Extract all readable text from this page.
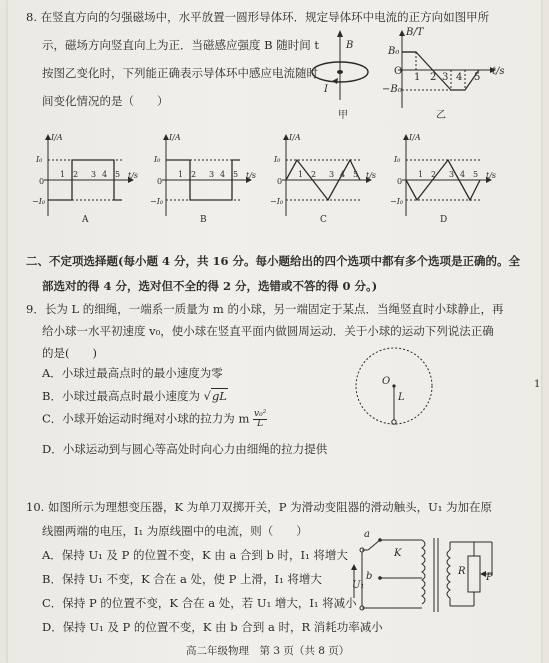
8. 在竖直方向的匀强磁场中，水平放置一圆形导体环．规定导体环中电流的正方向如图甲所
示，磁场方向竖直向上为正．当磁感应强度 B 随时间 t
按图乙变化时，下列能正确表示导体环中感应电流随时
间变化情况的是（　　）
B
I
甲
B/T
B₀
−B₀
O
1 2 3 4 5
t/s
乙
I/A
I₀
−I₀
0
t/s
1 2 3 4 5
A
I/A
I₀
−I₀
0
t/s
1 2 3 4 5
B
I/A
I₀
−I₀
0
t/s
1 2 3 4 5
C
I/A
I₀
−I₀
0
t/s
1 2 3 4 5
D
二、不定项选择题(每小题 4 分，共 16 分。每小题给出的四个选项中都有多个选项是正确的。全
部选对的得 4 分，选对但不全的得 2 分，选错或不答的得 0 分。)
9．长为 L 的细绳，一端系一质量为 m 的小球，另一端固定于某点．当绳竖直时小球静止，再
给小球一水平初速度 v₀，使小球在竖直平面内做圆周运动．关于小球的运动下列说法正确
的是(　　)
A．小球过最高点时的最小速度为零
B．小球过最高点时最小速度为 √gL
C．小球开始运动时绳对小球的拉力为 m $\frac{\text{v₀²}}{L}$
D．小球运动到与圆心等高处时向心力由细绳的拉力提供
O
L
1
10. 如图所示为理想变压器，K 为单刀双掷开关，P 为滑动变阻器的滑动触头，U₁ 为加在原
线圈两端的电压，I₁ 为原线圈中的电流，则（　　）
A．保持 U₁ 及 P 的位置不变，K 由 a 合到 b 时，I₁ 将增大
B．保持 U₁ 不变，K 合在 a 处，使 P 上滑，I₁ 将增大
C．保持 P 的位置不变，K 合在 a 处，若 U₁ 增大，I₁ 将减小
D．保持 U₁ 及 P 的位置不变，K 由 b 合到 a 时，R 消耗功率减小
a
b
K
U₁
R
P
高二年级物理　第 3 页（共 8 页）
